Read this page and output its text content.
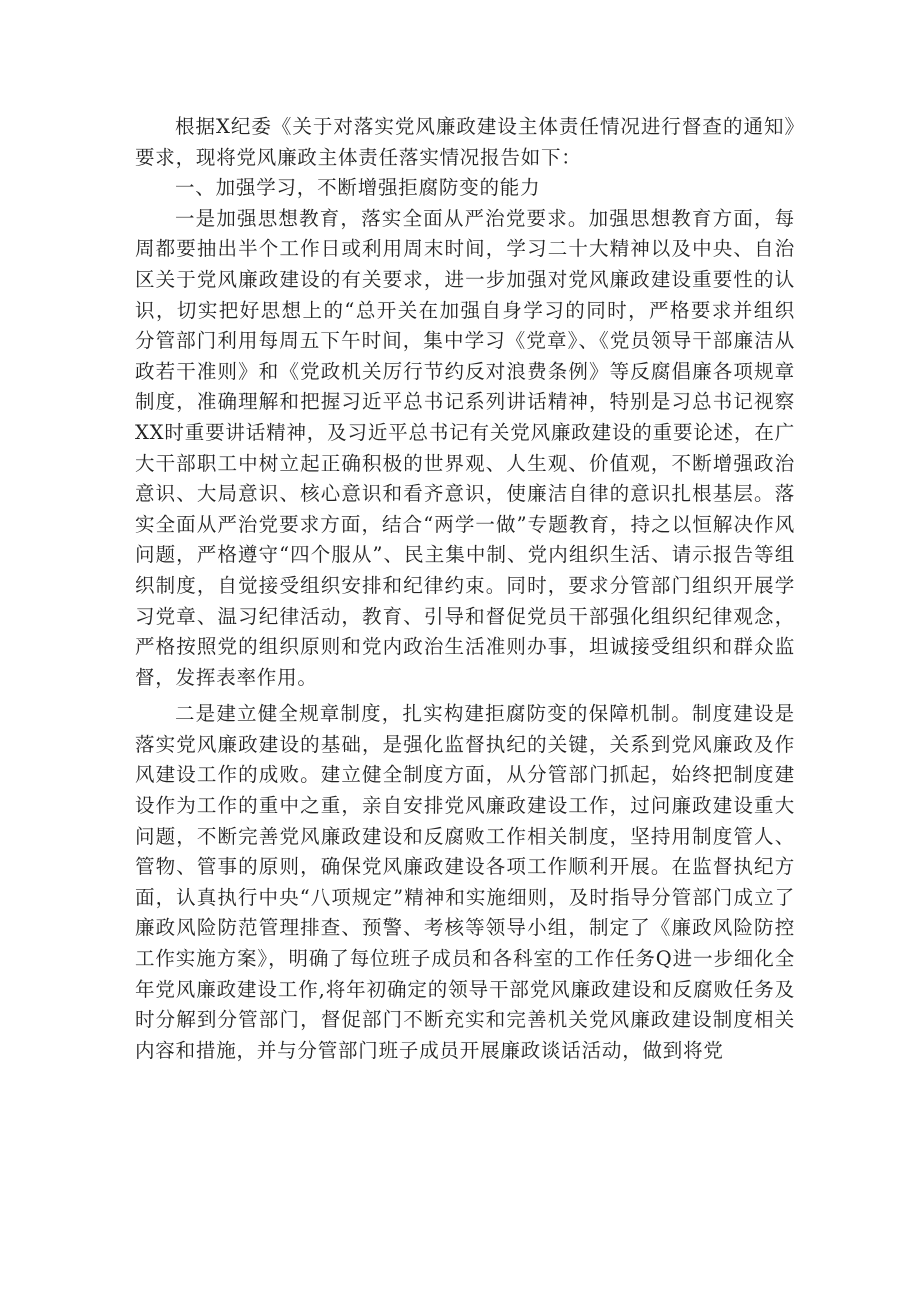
根据X纪委《关于对落实党风廉政建设主体责任情况进行督查的通知》要求，现将党风廉政主体责任落实情况报告如下：

一、加强学习，不断增强拒腐防变的能力

一是加强思想教育，落实全面从严治党要求。加强思想教育方面，每周都要抽出半个工作日或利用周末时间，学习二十大精神以及中央、自治区关于党风廉政建设的有关要求，进一步加强对党风廉政建设重要性的认识，切实把好思想上的“总开关在加强自身学习的同时，严格要求并组织分管部门利用每周五下午时间，集中学习《党章》、《党员领导干部廉洁从政若干准则》和《党政机关厉行节约反对浪费条例》等反腐倡廉各项规章制度，准确理解和把握习近平总书记系列讲话精神，特别是习总书记视察XX时重要讲话精神，及习近平总书记有关党风廉政建设的重要论述，在广大干部职工中树立起正确积极的世界观、人生观、价值观，不断增强政治意识、大局意识、核心意识和看齐意识，使廉洁自律的意识扎根基层。落实全面从严治党要求方面，结合“两学一做”专题教育，持之以恒解决作风问题，严格遵守“四个服从”、民主集中制、党内组织生活、请示报告等组织制度，自觉接受组织安排和纪律约束。同时，要求分管部门组织开展学习党章、温习纪律活动，教育、引导和督促党员干部强化组织纪律观念，严格按照党的组织原则和党内政治生活准则办事，坦诚接受组织和群众监督，发挥表率作用。

二是建立健全规章制度，扎实构建拒腐防变的保障机制。制度建设是落实党风廉政建设的基础，是强化监督执纪的关键，关系到党风廉政及作风建设工作的成败。建立健全制度方面，从分管部门抓起，始终把制度建设作为工作的重中之重，亲自安排党风廉政建设工作，过问廉政建设重大问题，不断完善党风廉政建设和反腐败工作相关制度，坚持用制度管人、管物、管事的原则，确保党风廉政建设各项工作顺利开展。在监督执纪方面，认真执行中央“八项规定”精神和实施细则，及时指导分管部门成立了廉政风险防范管理排查、预警、考核等领导小组，制定了《廉政风险防控工作实施方案》，明确了每位班子成员和各科室的工作任务Q进一步细化全年党风廉政建设工作,将年初确定的领导干部党风廉政建设和反腐败任务及时分解到分管部门，督促部门不断充实和完善机关党风廉政建设制度相关内容和措施，并与分管部门班子成员开展廉政谈话活动，做到将党
